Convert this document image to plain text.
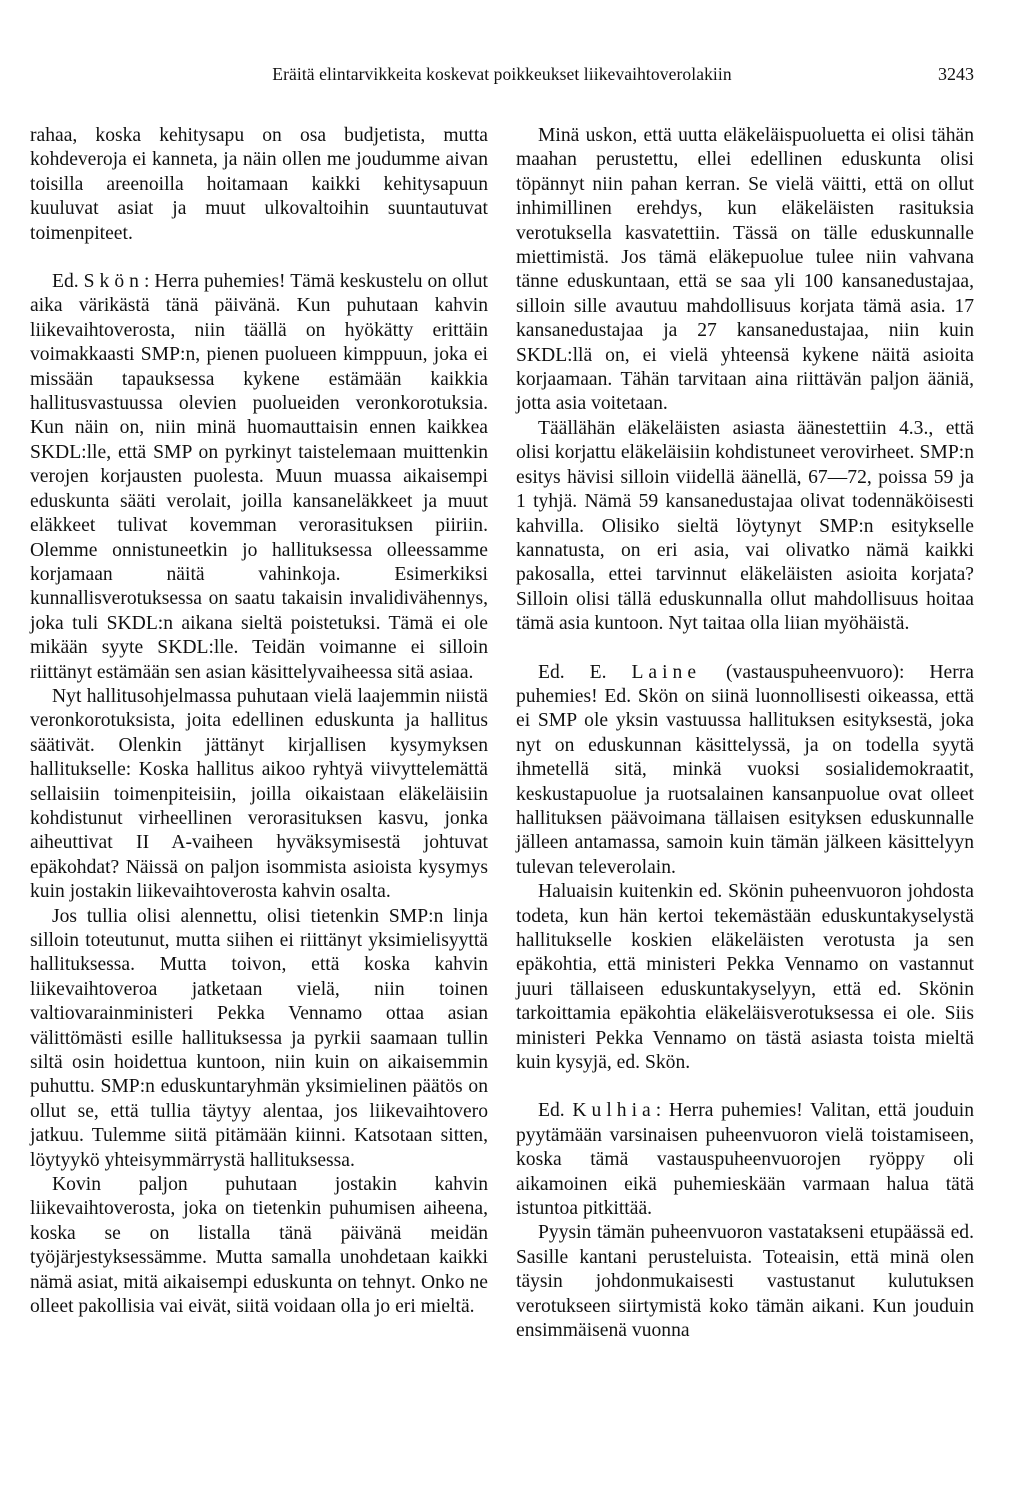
Eräitä elintarvikkeita koskevat poikkeukset liikevaihtoverolakiin	3243

rahaa, koska kehitysapu on osa budjetista, mutta kohdeveroja ei kanneta, ja näin ollen me joudumme aivan toisilla areenoilla hoitamaan kaikki kehitysapuun kuuluvat asiat ja muut ulkovaltoihin suuntautuvat toimenpiteet.

Ed. Skön: Herra puhemies! Tämä keskustelu on ollut aika värikästä tänä päivänä. Kun puhutaan kahvin liikevaihtoverosta, niin täällä on hyökätty erittäin voimakkaasti SMP:n, pienen puolueen kimppuun, joka ei missään tapauksessa kykene estämään kaikkia hallitusvastuussa olevien puolueiden veronkorotuksia. Kun näin on, niin minä huomauttaisin ennen kaikkea SKDL:lle, että SMP on pyrkinyt taistelemaan muittenkin verojen korjausten puolesta. Muun muassa aikaisempi eduskunta sääti verolait, joilla kansaneläkkeet ja muut eläkkeet tulivat kovemman verorasituksen piiriin. Olemme onnistuneetkin jo hallituksessa olleessamme korjamaan näitä vahinkoja. Esimerkiksi kunnallisverotuksessa on saatu takaisin invalidivähennys, joka tuli SKDL:n aikana sieltä poistetuksi. Tämä ei ole mikään syyte SKDL:lle. Teidän voimanne ei silloin riittänyt estämään sen asian käsittelyvaiheessa sitä asiaa.

Nyt hallitusohjelmassa puhutaan vielä laajemmin niistä veronkorotuksista, joita edellinen eduskunta ja hallitus säätivät. Olenkin jättänyt kirjallisen kysymyksen hallitukselle: Koska hallitus aikoo ryhtyä viivyttelemättä sellaisiin toimenpiteisiin, joilla oikaistaan eläkeläisiin kohdistunut virheellinen verorasituksen kasvu, jonka aiheuttivat II A-vaiheen hyväksymisestä johtuvat epäkohdat? Näissä on paljon isommista asioista kysymys kuin jostakin liikevaihtoverosta kahvin osalta.

Jos tullia olisi alennettu, olisi tietenkin SMP:n linja silloin toteutunut, mutta siihen ei riittänyt yksimielisyyttä hallituksessa. Mutta toivon, että koska kahvin liikevaihtoveroa jatketaan vielä, niin toinen valtiovarainministeri Pekka Vennamo ottaa asian välittömästi esille hallituksessa ja pyrkii saamaan tullin siltä osin hoidettua kuntoon, niin kuin on aikaisemmin puhuttu. SMP:n eduskuntaryhmän yksimielinen päätös on ollut se, että tullia täytyy alentaa, jos liikevaihtovero jatkuu. Tulemme siitä pitämään kiinni. Katsotaan sitten, löytyykö yhteisymmärrystä hallituksessa.

Kovin paljon puhutaan jostakin kahvin liikevaihtoverosta, joka on tietenkin puhumisen aiheena, koska se on listalla tänä päivänä meidän työjärjestyksessämme. Mutta samalla unohdetaan kaikki nämä asiat, mitä aikaisempi eduskunta on tehnyt. Onko ne olleet pakollisia vai eivät, siitä voidaan olla jo eri mieltä.

Minä uskon, että uutta eläkeläispuoluetta ei olisi tähän maahan perustettu, ellei edellinen eduskunta olisi töpännyt niin pahan kerran. Se vielä väitti, että on ollut inhimillinen erehdys, kun eläkeläisten rasituksia verotuksella kasvatettiin. Tässä on tälle eduskunnalle miettimistä. Jos tämä eläkepuolue tulee niin vahvana tänne eduskuntaan, että se saa yli 100 kansanedustajaa, silloin sille avautuu mahdollisuus korjata tämä asia. 17 kansanedustajaa ja 27 kansanedustajaa, niin kuin SKDL:llä on, ei vielä yhteensä kykene näitä asioita korjaamaan. Tähän tarvitaan aina riittävän paljon ääniä, jotta asia voitetaan.

Täällähän eläkeläisten asiasta äänestettiin 4.3., että olisi korjattu eläkeläisiin kohdistuneet verovirheet. SMP:n esitys hävisi silloin viidellä äänellä, 67—72, poissa 59 ja 1 tyhjä. Nämä 59 kansanedustajaa olivat todennäköisesti kahvilla. Olisiko sieltä löytynyt SMP:n esitykselle kannatusta, on eri asia, vai olivatko nämä kaikki pakosalla, ettei tarvinnut eläkeläisten asioita korjata? Silloin olisi tällä eduskunnalla ollut mahdollisuus hoitaa tämä asia kuntoon. Nyt taitaa olla liian myöhäistä.

Ed. E. Laine (vastauspuheenvuoro): Herra puhemies! Ed. Skön on siinä luonnollisesti oikeassa, että ei SMP ole yksin vastuussa hallituksen esityksestä, joka nyt on eduskunnan käsittelyssä, ja on todella syytä ihmetellä sitä, minkä vuoksi sosialidemokraatit, keskustapuolue ja ruotsalainen kansanpuolue ovat olleet hallituksen päävoimana tällaisen esityksen eduskunnalle jälleen antamassa, samoin kuin tämän jälkeen käsittelyyn tulevan televerolain.

Haluaisin kuitenkin ed. Skönin puheenvuoron johdosta todeta, kun hän kertoi tekemästään eduskuntakyselystä hallitukselle koskien eläkeläisten verotusta ja sen epäkohtia, että ministeri Pekka Vennamo on vastannut juuri tällaiseen eduskuntakyselyyn, että ed. Skönin tarkoittamia epäkohtia eläkeläisverotuksessa ei ole. Siis ministeri Pekka Vennamo on tästä asiasta toista mieltä kuin kysyjä, ed. Skön.

Ed. Kulhia: Herra puhemies! Valitan, että jouduin pyytämään varsinaisen puheenvuoron vielä toistamiseen, koska tämä vastauspuheenvuorojen ryöppy oli aikamoinen eikä puhemieskään varmaan halua tätä istuntoa pitkittää.

Pyysin tämän puheenvuoron vastatakseni etupäässä ed. Sasille kantani perusteluista. Toteaisin, että minä olen täysin johdonmukaisesti vastustanut kulutuksen verotukseen siirtymistä koko tämän aikani. Kun jouduin ensimmäisenä vuonna
